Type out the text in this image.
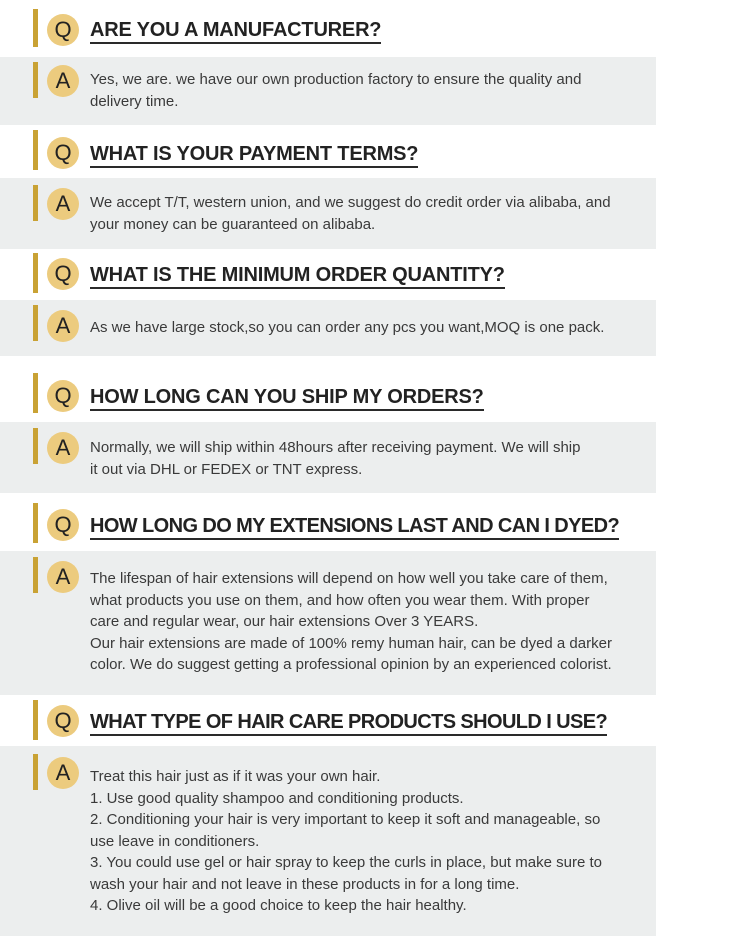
Q ARE YOU A MANUFACTURER?
A	Yes, we are. we have our own production factory to ensure the quality and

delivery time.

Q WHAT IS YOUR PAYMENT TERMS?
A	We accept T/T, western union, and we suggest do credit order via alibaba, and

your money can be guaranteed on alibaba.

Q WHAT IS THE MINIMUM ORDER QUANTITY?
A	As we have large stock,so you can order any pcs you want,MOQ is one pack.

Q HOW LONG CAN YOU SHIP MY ORDERS?
A	Normally, we will ship within 48hours after receiving payment. We will ship

it out via DHL or FEDEX or TNT express.

Q HOW LONG DO MY EXTENSIONS LAST AND CAN I DYED?
A	The lifespan of hair extensions will depend on how well you take care of them,

what products you use on them, and how often you wear them. With proper

care and regular wear, our hair extensions Over 3 YEARS.

Our hair extensions are made of 100% remy human hair, can be dyed a darker

color. We do suggest getting a professional opinion by an experienced colorist.

Q WHAT TYPE OF HAIR CARE PRODUCTS SHOULD I USE?
A	Treat this hair just as if it was your own hair.

1. Use good quality shampoo and conditioning products.

2. Conditioning your hair is very important to keep it soft and manageable, so

use leave in conditioners.

3. You could use gel or hair spray to keep the curls in place, but make sure to

wash your hair and not leave in these products in for a long time.

4. Olive oil will be a good choice to keep the hair healthy.
